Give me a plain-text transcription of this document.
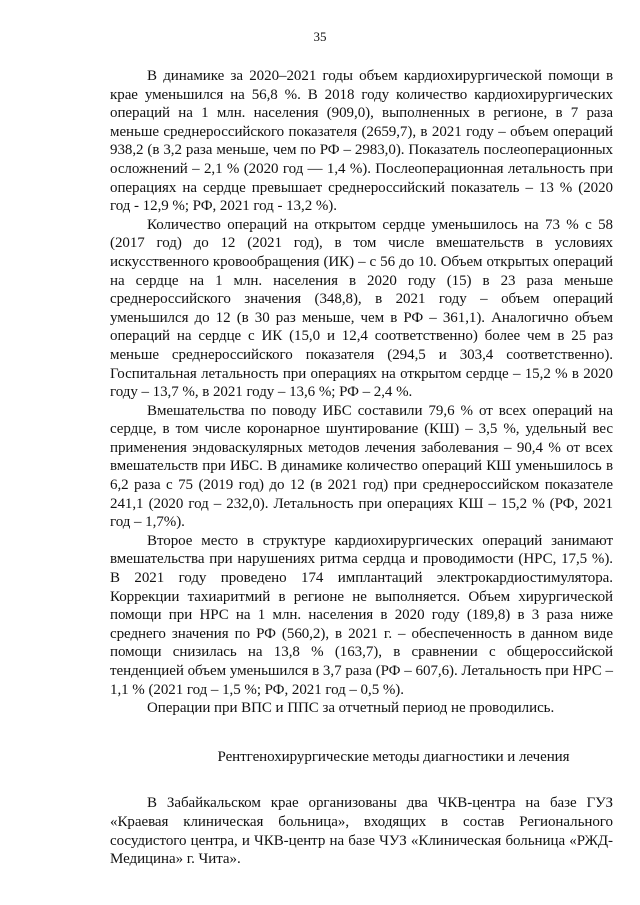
35

В динамике за 2020–2021 годы объем кардиохирургической помощи в крае уменьшился на 56,8 %. В 2018 году количество кардиохирургических операций на 1 млн. населения (909,0), выполненных в регионе, в 7 раза меньше среднероссийского показателя (2659,7), в 2021 году – объем операций 938,2 (в 3,2 раза меньше, чем по РФ – 2983,0). Показатель послеоперационных осложнений – 2,1 % (2020 год — 1,4 %). Послеоперационная летальность при операциях на сердце превышает среднероссийский показатель – 13 % (2020 год - 12,9 %; РФ, 2021 год - 13,2 %).

Количество операций на открытом сердце уменьшилось на 73 % с 58 (2017 год) до 12 (2021 год), в том числе вмешательств в условиях искусственного кровообращения (ИК) – с 56 до 10. Объем открытых операций на сердце на 1 млн. населения в 2020 году (15) в 23 раза меньше среднероссийского значения (348,8), в 2021 году – объем операций уменьшился до 12 (в 30 раз меньше, чем в РФ – 361,1). Аналогично объем операций на сердце с ИК (15,0 и 12,4 соответственно) более чем в 25 раз меньше среднероссийского показателя (294,5 и 303,4 соответственно). Госпитальная летальность при операциях на открытом сердце – 15,2 % в 2020 году – 13,7 %, в 2021 году – 13,6 %; РФ – 2,4 %.

Вмешательства по поводу ИБС составили 79,6 % от всех операций на сердце, в том числе коронарное шунтирование (КШ) – 3,5 %, удельный вес применения эндоваскулярных методов лечения заболевания – 90,4 % от всех вмешательств при ИБС. В динамике количество операций КШ уменьшилось в 6,2 раза с 75 (2019 год) до 12 (в 2021 год) при среднероссийском показателе 241,1 (2020 год – 232,0). Летальность при операциях КШ – 15,2 % (РФ, 2021 год – 1,7%).

Второе место в структуре кардиохирургических операций занимают вмешательства при нарушениях ритма сердца и проводимости (НРС, 17,5 %). В 2021 году проведено 174 имплантаций электрокардиостимулятора. Коррекции тахиаритмий в регионе не выполняется. Объем хирургической помощи при НРС на 1 млн. населения в 2020 году (189,8) в 3 раза ниже среднего значения по РФ (560,2), в 2021 г. – обеспеченность в данном виде помощи снизилась на 13,8 % (163,7), в сравнении с общероссийской тенденцией объем уменьшился в 3,7 раза (РФ – 607,6). Летальность при НРС – 1,1 % (2021 год – 1,5 %; РФ, 2021 год – 0,5 %).

Операции при ВПС и ППС за отчетный период не проводились.

Рентгенохирургические методы диагностики и лечения

В Забайкальском крае организованы два ЧКВ-центра на базе ГУЗ «Краевая клиническая больница», входящих в состав Регионального сосудистого центра, и ЧКВ-центр на базе ЧУЗ «Клиническая больница «РЖД-Медицина» г. Чита».
